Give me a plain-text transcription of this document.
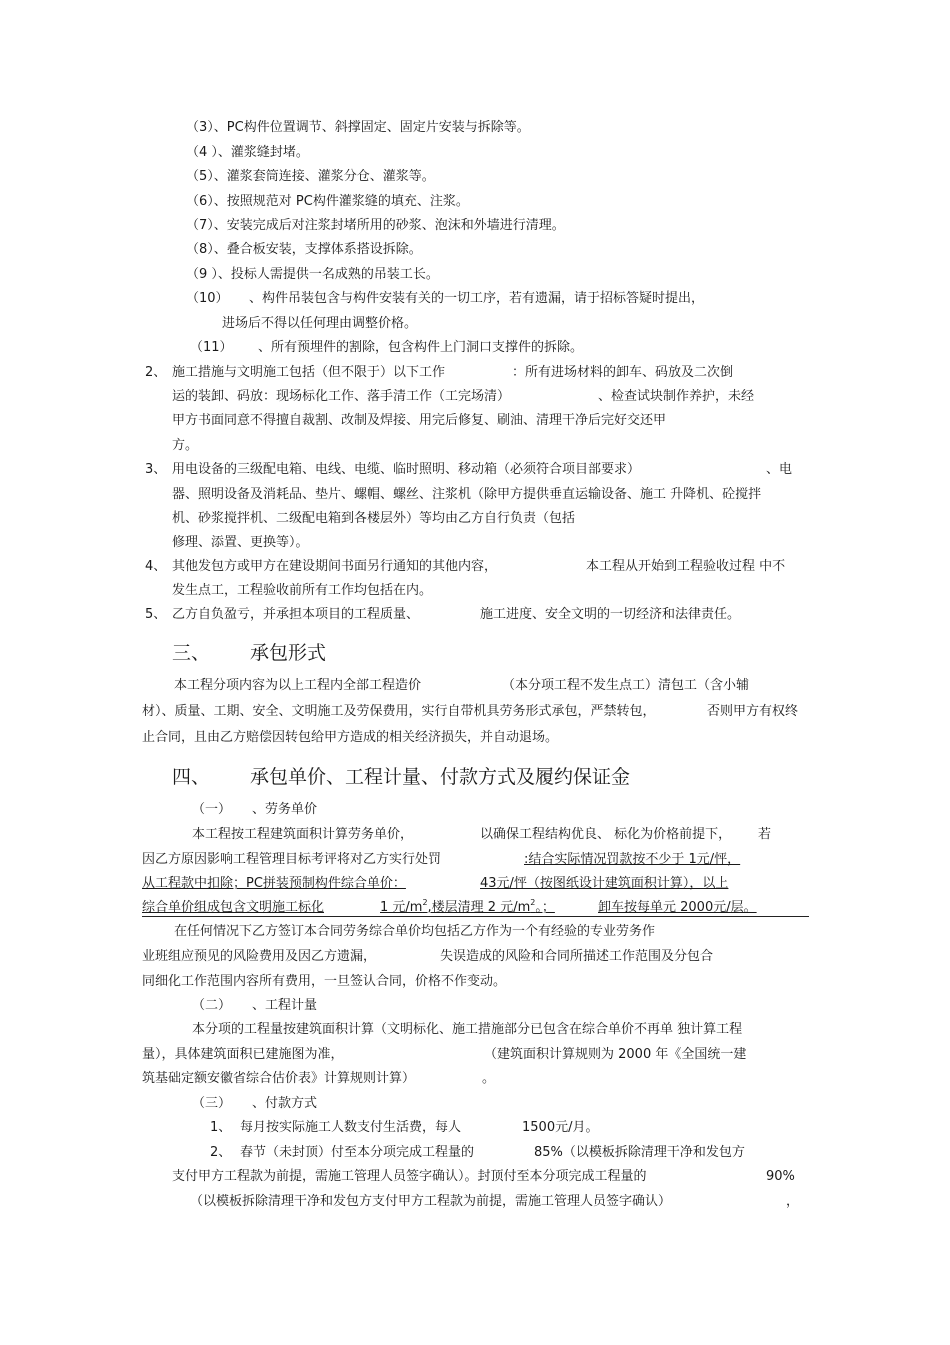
（3）、PC构件位置调节、斜撑固定、固定片安装与拆除等。
（4 ）、灌浆缝封堵。
（5）、灌浆套筒连接、灌浆分仓、灌浆等。
（6）、按照规范对 PC构件灌浆缝的填充、注浆。
（7）、安装完成后对注浆封堵所用的砂浆、泡沫和外墙进行清理。
（8）、叠合板安装，支撑体系搭设拆除。
（9 ）、投标人需提供一名成熟的吊装工长。
（10） 、构件吊装包含与构件安装有关的一切工序，若有遗漏，请于招标答疑时提出，
进场后不得以任何理由调整价格。
（11） 、所有预埋件的割除，包含构件上门洞口支撑件的拆除。
2、 施工措施与文明施工包括（但不限于）以下工作	：所有进场材料的卸车、码放及二次倒
运的装卸、码放：现场标化工作、落手清工作（工完场清）	、检查试块制作养护，未经
甲方书面同意不得擅自裁割、改制及焊接、用完后修复、刷油、清理干净后完好交还甲
方。
3、 用电设备的三级配电箱、电线、电缆、临时照明、移动箱（必须符合项目部要求）	、电
器、照明设备及消耗品、垫片、螺帽、螺丝、注浆机（除甲方提供垂直运输设备、施工 升降机、砼搅拌
机、砂浆搅拌机、二级配电箱到各楼层外）等均由乙方自行负责（包括
修理、添置、更换等）。
4、 其他发包方或甲方在建设期间书面另行通知的其他内容，	本工程从开始到工程验收过程 中不
发生点工，工程验收前所有工作均包括在内。
5、 乙方自负盈亏，并承担本项目的工程质量、	施工进度、安全文明的一切经济和法律责任。
三、 承包形式
本工程分项内容为以上工程内全部工程造价	（本分项工程不发生点工）清包工（含小辅
材）、质量、工期、安全、文明施工及劳保费用，实行自带机具劳务形式承包，严禁转包，	否则甲方有权终
止合同，且由乙方赔偿因转包给甲方造成的相关经济损失，并自动退场。
四、 承包单价、工程计量、付款方式及履约保证金
（一） 、劳务单价
本工程按工程建筑面积计算劳务单价，	以确保工程结构优良、 标化为价格前提下， 若
因乙方原因影响工程管理目标考评将对乙方实行处罚	:结合实际情况罚款按不少于 1元/怦，
从工程款中扣除；PC拼装预制构件综合单价：	43元/怦（按图纸设计建筑面积计算），以上
综合单价组成包含文明施工标化	1 元$/m^2$,楼层清理 2 元$/m^2$。；	卸车按每单元 2000元/层。
在任何情况下乙方签订本合同劳务综合单价均包括乙方作为一个有经验的专业劳务作
业班组应预见的风险费用及因乙方遗漏，	失误造成的风险和合同所描述工作范围及分包合
同细化工作范围内容所有费用，一旦签认合同，价格不作变动。
（二） 、工程计量
本分项的工程量按建筑面积计算（文明标化、施工措施部分已包含在综合单价不再单 独计算工程
量），具体建筑面积已建施图为准，	（建筑面积计算规则为 2000 年《全国统一建
筑基础定额安徽省综合估价表》计算规则计算）	。
（三） 、付款方式
1、 每月按实际施工人数支付生活费，每人	1500元/月。
2、 春节（未封顶）付至本分项完成工程量的	85%（以模板拆除清理干净和发包方
支付甲方工程款为前提，需施工管理人员签字确认）。封顶付至本分项完成工程量的	90%
（以模板拆除清理干净和发包方支付甲方工程款为前提，需施工管理人员签字确认）	，
